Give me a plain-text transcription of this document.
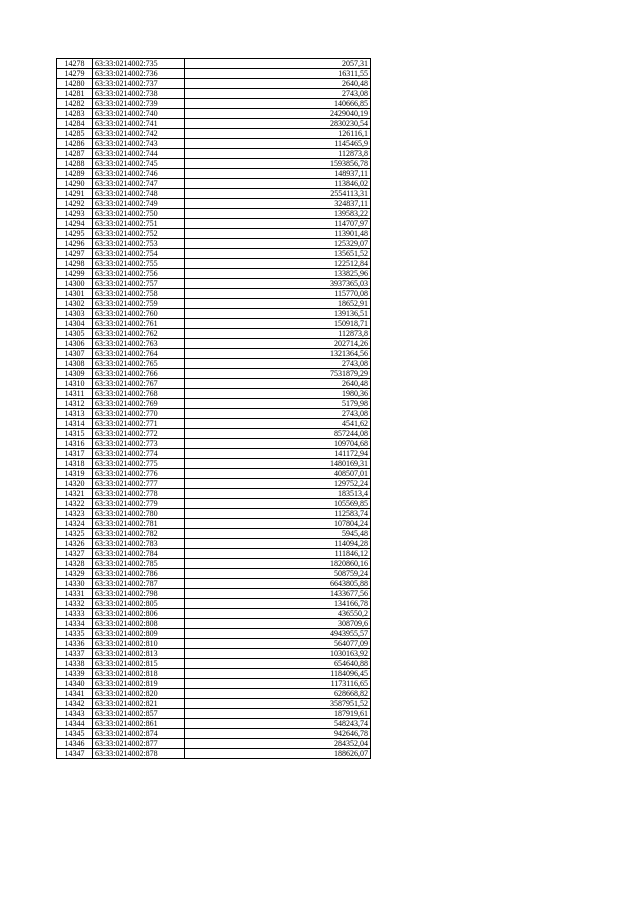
14278	63:33:0214002:735	2057,31
14279	63:33:0214002:736	16311,55
14280	63:33:0214002:737	2640,48
14281	63:33:0214002:738	2743,08
14282	63:33:0214002:739	140666,85
14283	63:33:0214002:740	2429040,19
14284	63:33:0214002:741	2830230,54
14285	63:33:0214002:742	126116,1
14286	63:33:0214002:743	1145465,9
14287	63:33:0214002:744	112873,8
14288	63:33:0214002:745	1593856,78
14289	63:33:0214002:746	148937,11
14290	63:33:0214002:747	113846,02
14291	63:33:0214002:748	2554113,31
14292	63:33:0214002:749	324837,11
14293	63:33:0214002:750	139583,22
14294	63:33:0214002:751	114707,97
14295	63:33:0214002:752	113901,48
14296	63:33:0214002:753	125329,07
14297	63:33:0214002:754	135651,52
14298	63:33:0214002:755	122512,84
14299	63:33:0214002:756	133825,96
14300	63:33:0214002:757	3937365,03
14301	63:33:0214002:758	115770,08
14302	63:33:0214002:759	18652,91
14303	63:33:0214002:760	139136,51
14304	63:33:0214002:761	150918,71
14305	63:33:0214002:762	112873,8
14306	63:33:0214002:763	202714,26
14307	63:33:0214002:764	1321364,56
14308	63:33:0214002:765	2743,08
14309	63:33:0214002:766	7531879,29
14310	63:33:0214002:767	2640,48
14311	63:33:0214002:768	1980,36
14312	63:33:0214002:769	5179,98
14313	63:33:0214002:770	2743,08
14314	63:33:0214002:771	4541,62
14315	63:33:0214002:772	857244,08
14316	63:33:0214002:773	109704,68
14317	63:33:0214002:774	141172,94
14318	63:33:0214002:775	1480169,31
14319	63:33:0214002:776	408507,01
14320	63:33:0214002:777	129752,24
14321	63:33:0214002:778	183513,4
14322	63:33:0214002:779	105569,85
14323	63:33:0214002:780	112583,74
14324	63:33:0214002:781	107804,24
14325	63:33:0214002:782	5945,48
14326	63:33:0214002:783	114094,28
14327	63:33:0214002:784	111846,12
14328	63:33:0214002:785	1820860,16
14329	63:33:0214002:786	508759,24
14330	63:33:0214002:787	6643805,88
14331	63:33:0214002:798	1433677,56
14332	63:33:0214002:805	134166,78
14333	63:33:0214002:806	436550,2
14334	63:33:0214002:808	308709,6
14335	63:33:0214002:809	4943955,57
14336	63:33:0214002:810	564077,09
14337	63:33:0214002:813	1030163,92
14338	63:33:0214002:815	654640,88
14339	63:33:0214002:818	1184096,45
14340	63:33:0214002:819	1173116,65
14341	63:33:0214002:820	628668,82
14342	63:33:0214002:821	3587951,52
14343	63:33:0214002:857	187919,61
14344	63:33:0214002:861	548243,74
14345	63:33:0214002:874	942646,78
14346	63:33:0214002:877	284352,04
14347	63:33:0214002:878	188626,07
